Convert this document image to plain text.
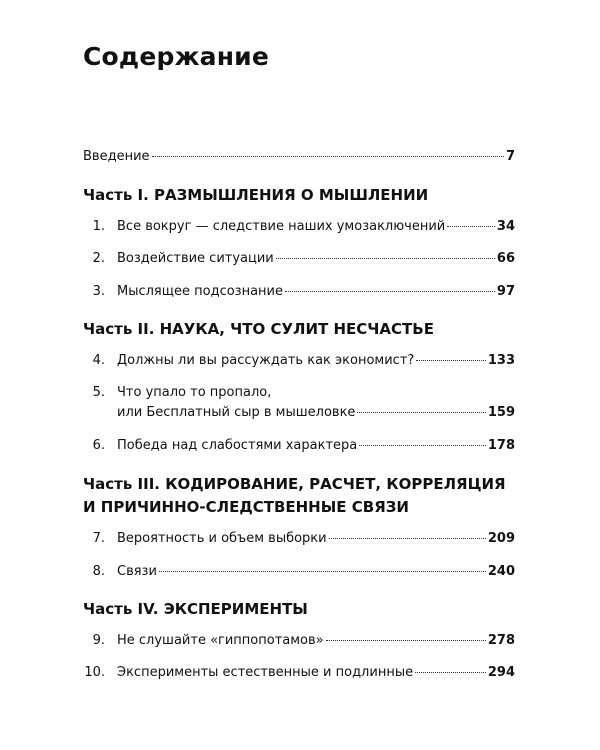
Содержание
Введение	7
Часть I. РАЗМЫШЛЕНИЯ О МЫШЛЕНИИ
1. Все вокруг — следствие наших умозаключений	34
2. Воздействие ситуации	66
3. Мыслящее подсознание	97
Часть II. НАУКА, ЧТО СУЛИТ НЕСЧАСТЬЕ
4. Должны ли вы рассуждать как экономист?	133
5. Что упало то пропало,
или Бесплатный сыр в мышеловке	159
6. Победа над слабостями характера	178
Часть III. КОДИРОВАНИЕ, РАСЧЕТ, КОРРЕЛЯЦИЯ
И ПРИЧИННО-СЛЕДСТВЕННЫЕ СВЯЗИ
7. Вероятность и объем выборки	209
8. Связи	240
Часть IV. ЭКСПЕРИМЕНТЫ
9. Не слушайте «гиппопотамов»	278
10. Эксперименты естественные и подлинные	294
